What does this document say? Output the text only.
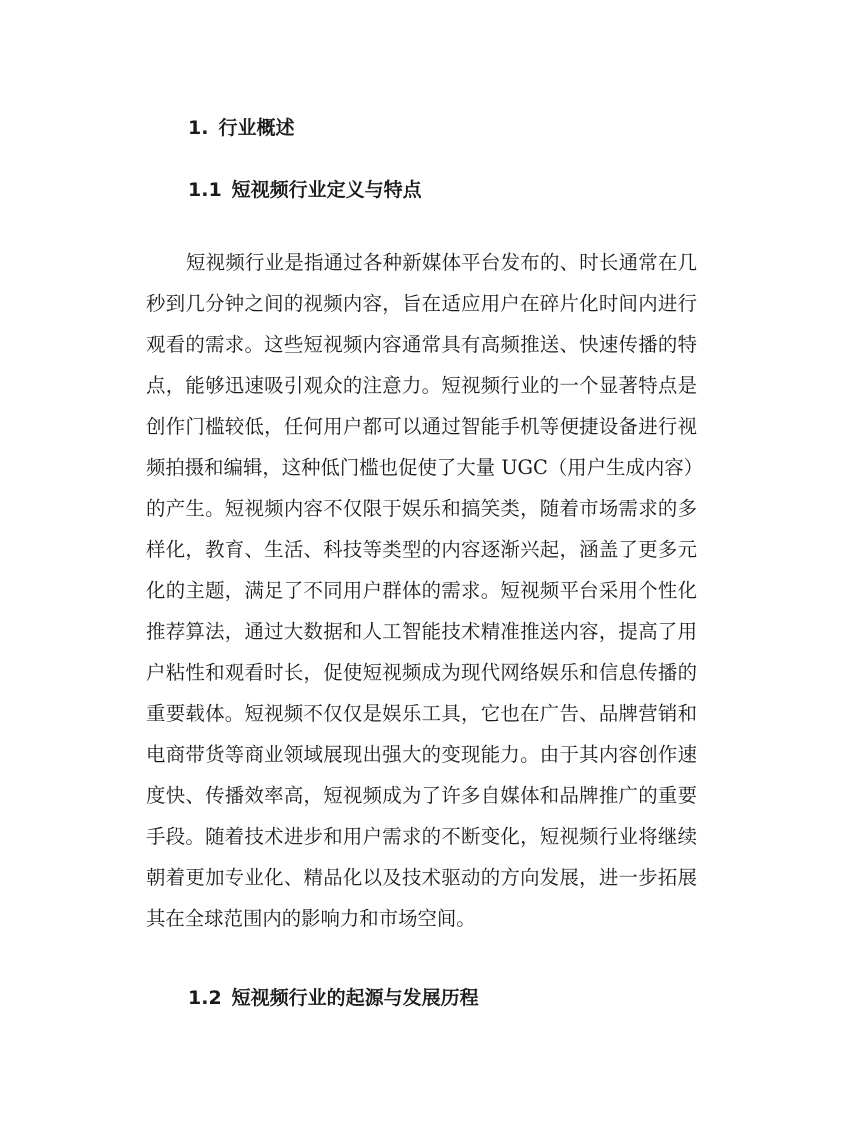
1. 行业概述
1.1 短视频行业定义与特点
短视频行业是指通过各种新媒体平台发布的、时长通常在几
秒到几分钟之间的视频内容，旨在适应用户在碎片化时间内进行
观看的需求。这些短视频内容通常具有高频推送、快速传播的特
点，能够迅速吸引观众的注意力。短视频行业的一个显著特点是
创作门槛较低，任何用户都可以通过智能手机等便捷设备进行视
频拍摄和编辑，这种低门槛也促使了大量 UGC（用户生成内容）
的产生。短视频内容不仅限于娱乐和搞笑类，随着市场需求的多
样化，教育、生活、科技等类型的内容逐渐兴起，涵盖了更多元
化的主题，满足了不同用户群体的需求。短视频平台采用个性化
推荐算法，通过大数据和人工智能技术精准推送内容，提高了用
户粘性和观看时长，促使短视频成为现代网络娱乐和信息传播的
重要载体。短视频不仅仅是娱乐工具，它也在广告、品牌营销和
电商带货等商业领域展现出强大的变现能力。由于其内容创作速
度快、传播效率高，短视频成为了许多自媒体和品牌推广的重要
手段。随着技术进步和用户需求的不断变化，短视频行业将继续
朝着更加专业化、精品化以及技术驱动的方向发展，进一步拓展
其在全球范围内的影响力和市场空间。
1.2 短视频行业的起源与发展历程
